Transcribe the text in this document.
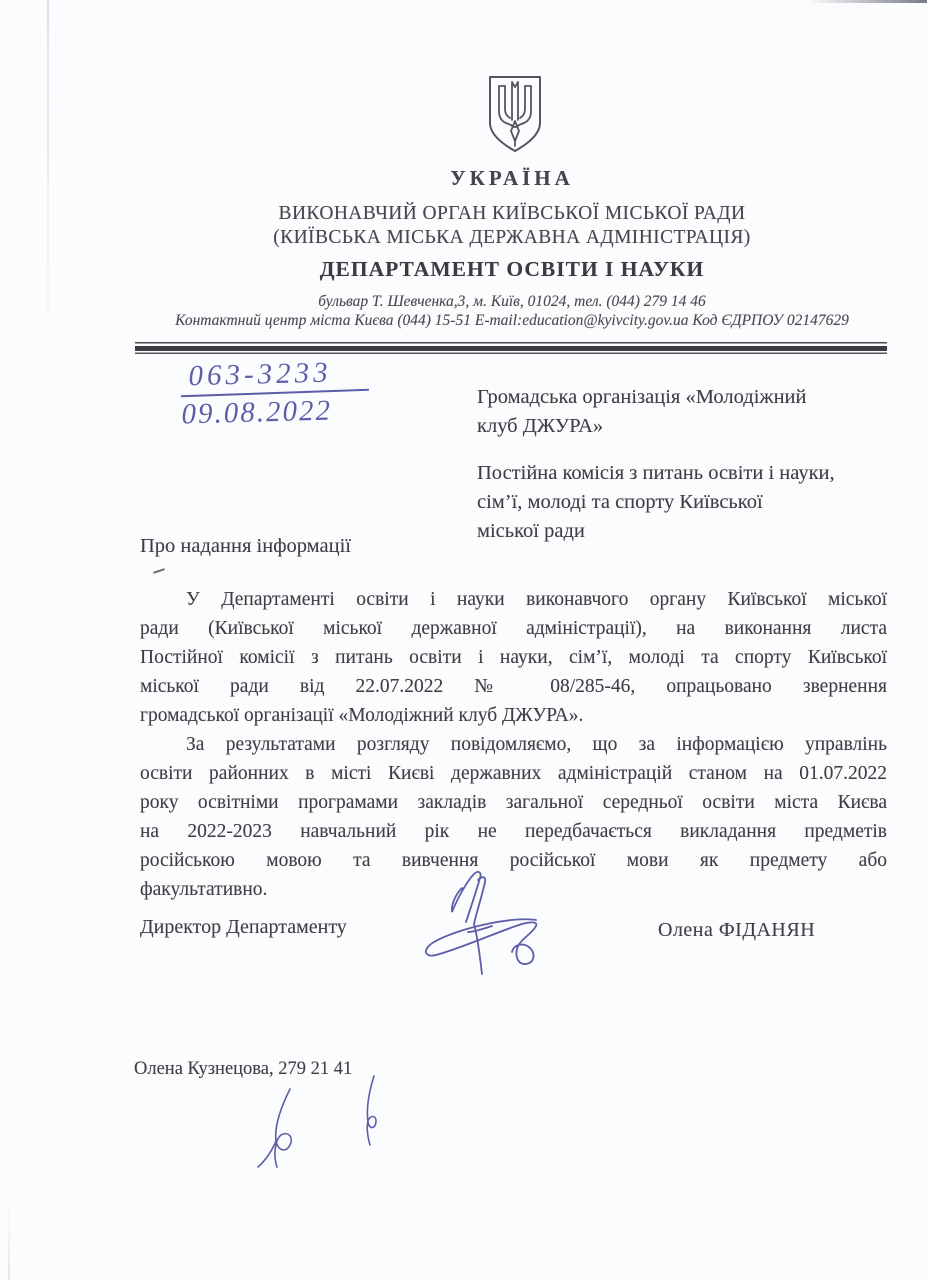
УКРАЇНА
ВИКОНАВЧИЙ ОРГАН КИЇВСЬКОЇ МІСЬКОЇ РАДИ
(КИЇВСЬКА МІСЬКА ДЕРЖАВНА АДМІНІСТРАЦІЯ)
ДЕПАРТАМЕНТ ОСВІТИ І НАУКИ
бульвар Т. Шевченка,3, м. Київ, 01024, тел. (044) 279 14 46
Контактний центр міста Києва (044) 15-51 E-mail:education@kyivcity.gov.ua Код ЄДРПОУ 02147629
063-3233
09.08.2022	Громадська організація «Молодіжний
клуб ДЖУРА»
Постійна комісія з питань освіти і науки,
сім’ї, молоді та спорту Київської
міської ради
Про надання інформації
У Департаменті освіти і науки виконавчого органу Київської міської
ради (Київської міської державної адміністрації), на виконання листа
Постійної комісії з питань освіти і науки, сім’ї, молоді та спорту Київської
міської ради від 22.07.2022 № 08/285-46, опрацьовано звернення
громадської організації «Молодіжний клуб ДЖУРА».
За результатами розгляду повідомляємо, що за інформацією управлінь
освіти районних в місті Києві державних адміністрацій станом на 01.07.2022
року освітніми програмами закладів загальної середньої освіти міста Києва
на 2022-2023 навчальний рік не передбачається викладання предметів
російською мовою та вивчення російської мови як предмету або
факультативно.
Директор Департаменту	Олена ФІДАНЯН
Олена Кузнецова, 279 21 41
